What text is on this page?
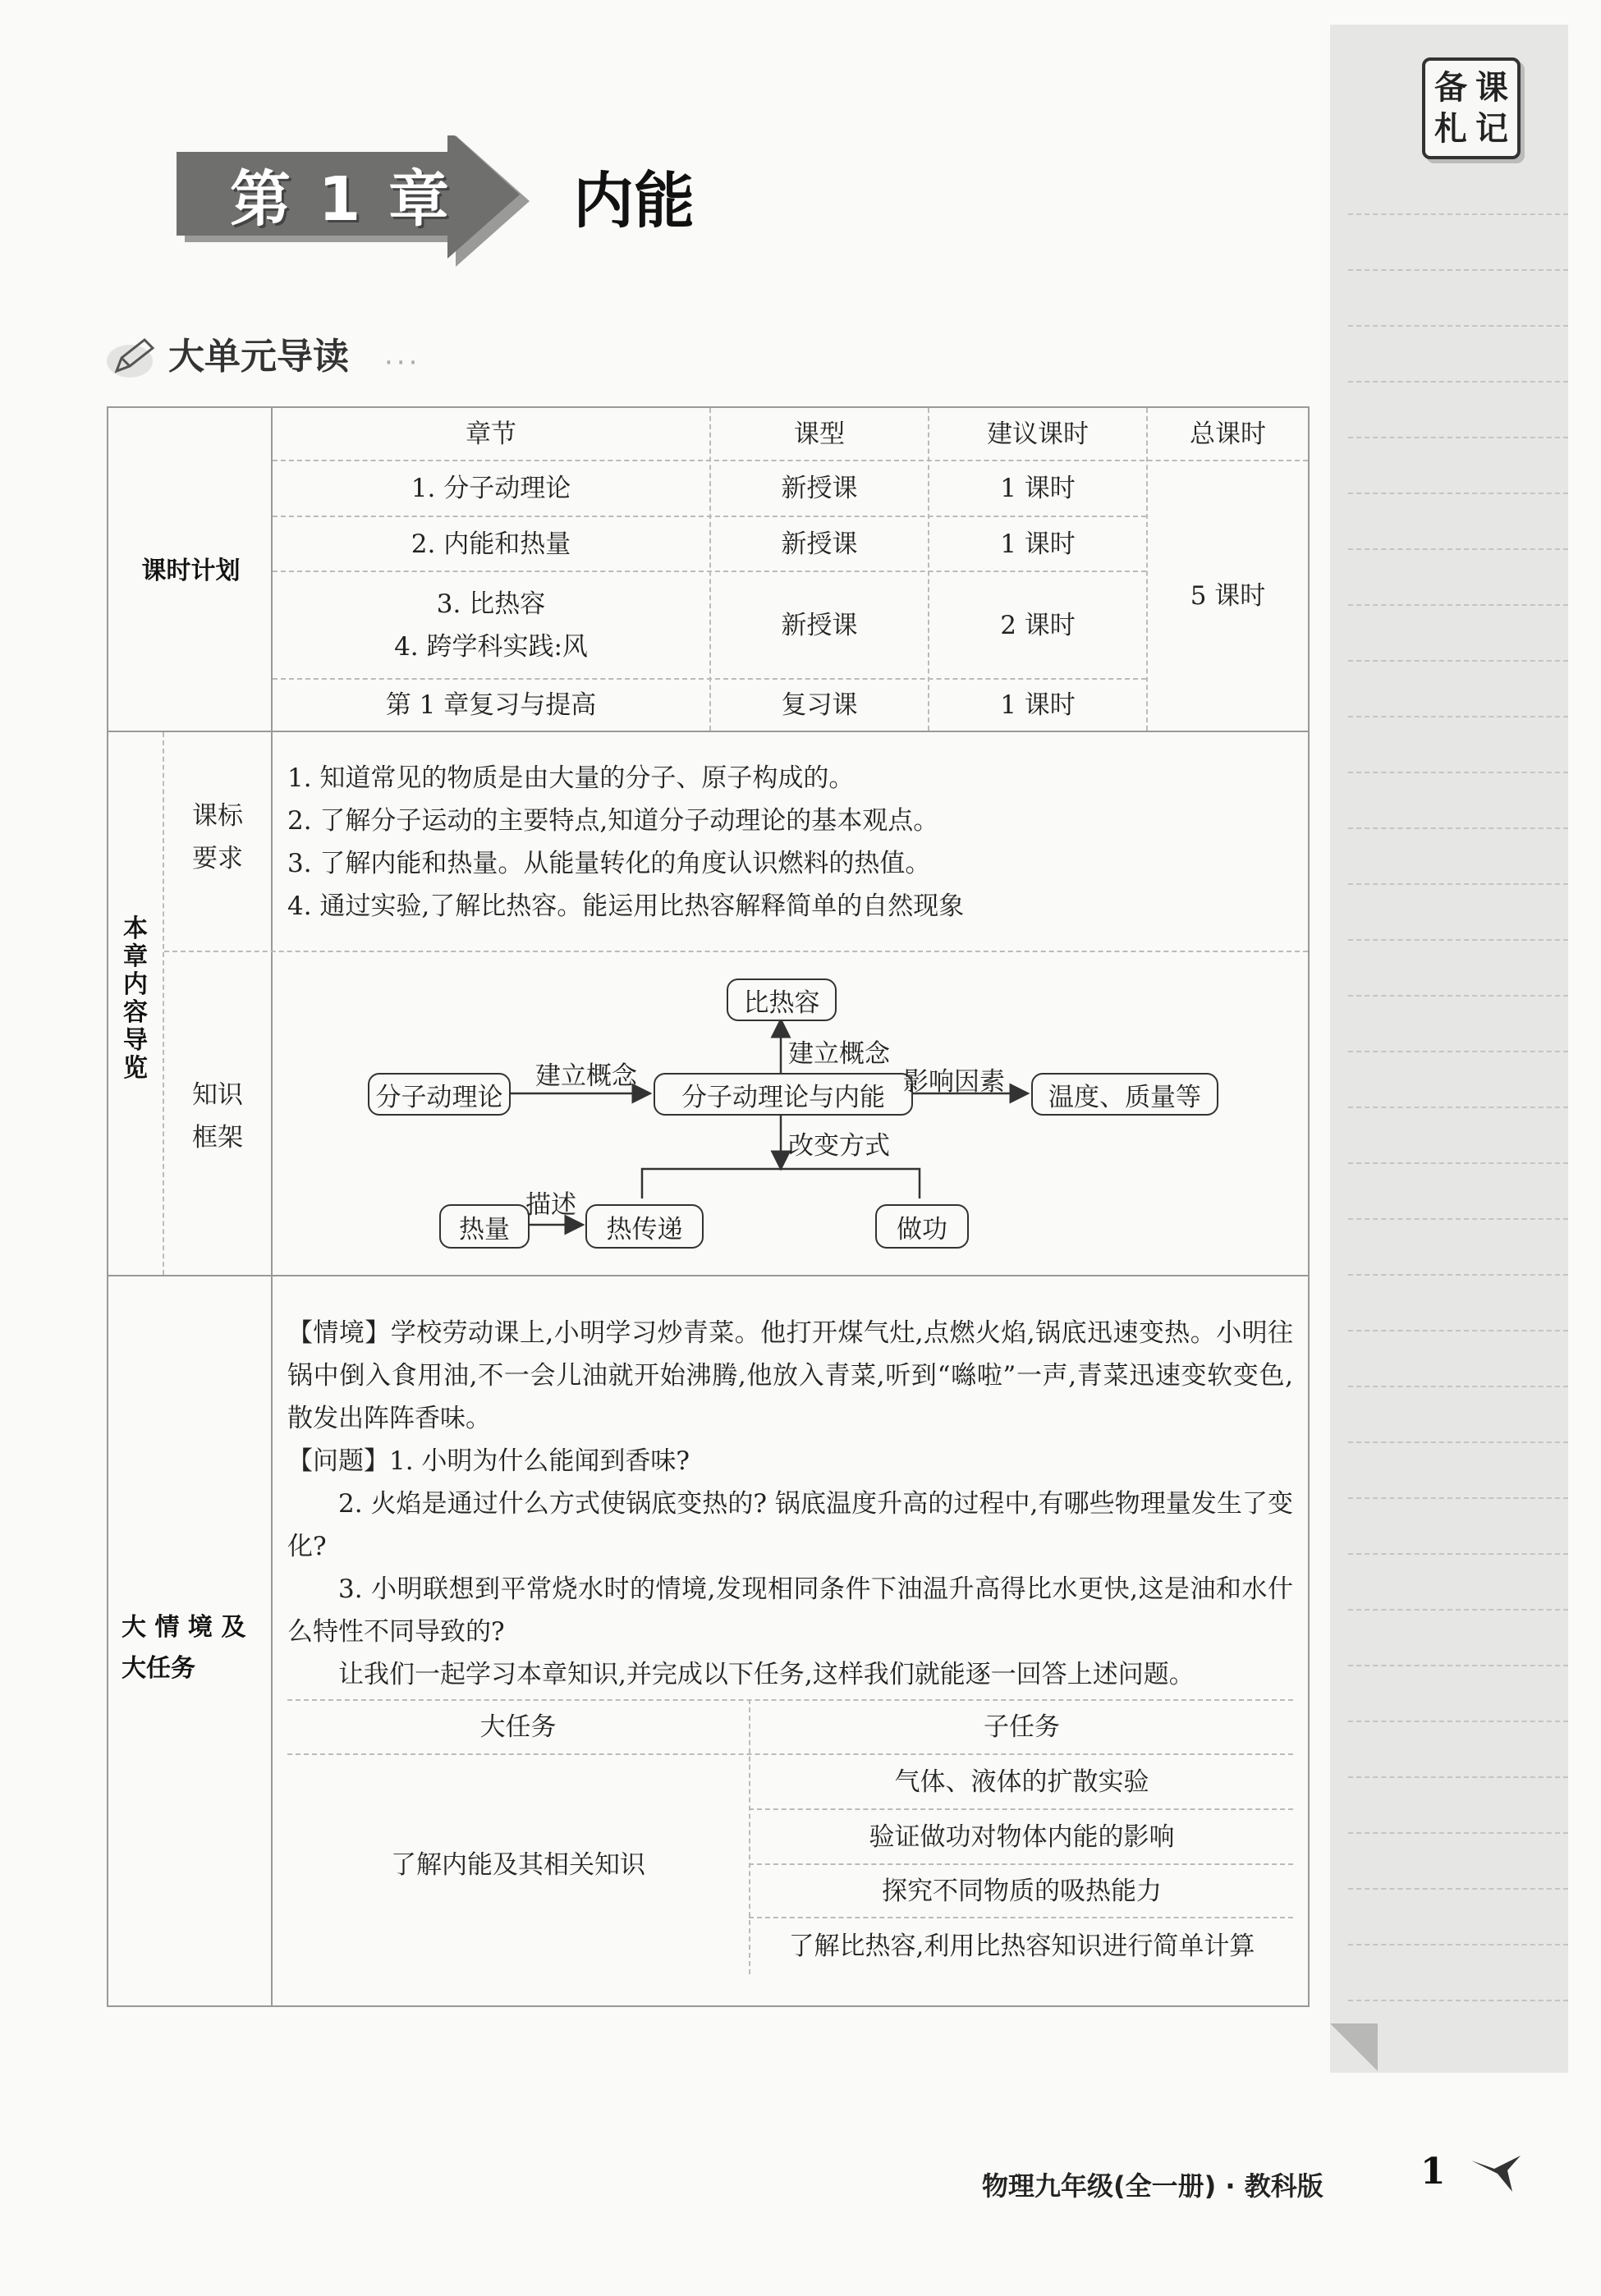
备 课
札 记
第 1 章 内能
大单元导读 ···
课时计划
章节	课型	建议课时	总课时
1. 分子动理论	新授课	1 课时
2. 内能和热量	新授课	1 课时
3. 比热容
4. 跨学科实践:风
新授课	2 课时
第 1 章复习与提高	复习课	1 课时
5 课时
本
章
内
容
导
览
课标
要求
1. 知道常见的物质是由大量的分子、原子构成的。
2. 了解分子运动的主要特点,知道分子动理论的基本观点。
3. 了解内能和热量。从能量转化的角度认识燃料的热值。
4. 通过实验,了解比热容。能运用比热容解释简单的自然现象
知识
框架
比热容
分子动理论	分子动理论与内能	温度、质量等
热量	热传递	做功
建立概念
建立概念
影响因素
改变方式
描述
大 情 境 及
大任务
【情境】学校劳动课上,小明学习炒青菜。他打开煤气灶,点燃火焰,锅底迅速变热。小明往锅中倒入食用油,不一会儿油就开始沸腾,他放入青菜,听到“噝啦”一声,青菜迅速变软变色,散发出阵阵香味。
【问题】1. 小明为什么能闻到香味?
2. 火焰是通过什么方式使锅底变热的? 锅底温度升高的过程中,有哪些物理量发生了变化?
3. 小明联想到平常烧水时的情境,发现相同条件下油温升高得比水更快,这是油和水什么特性不同导致的?
让我们一起学习本章知识,并完成以下任务,这样我们就能逐一回答上述问题。
大任务	子任务
了解内能及其相关知识
气体、液体的扩散实验
验证做功对物体内能的影响
探究不同物质的吸热能力
了解比热容,利用比热容知识进行简单计算
物理九年级(全一册) · 教科版	1
